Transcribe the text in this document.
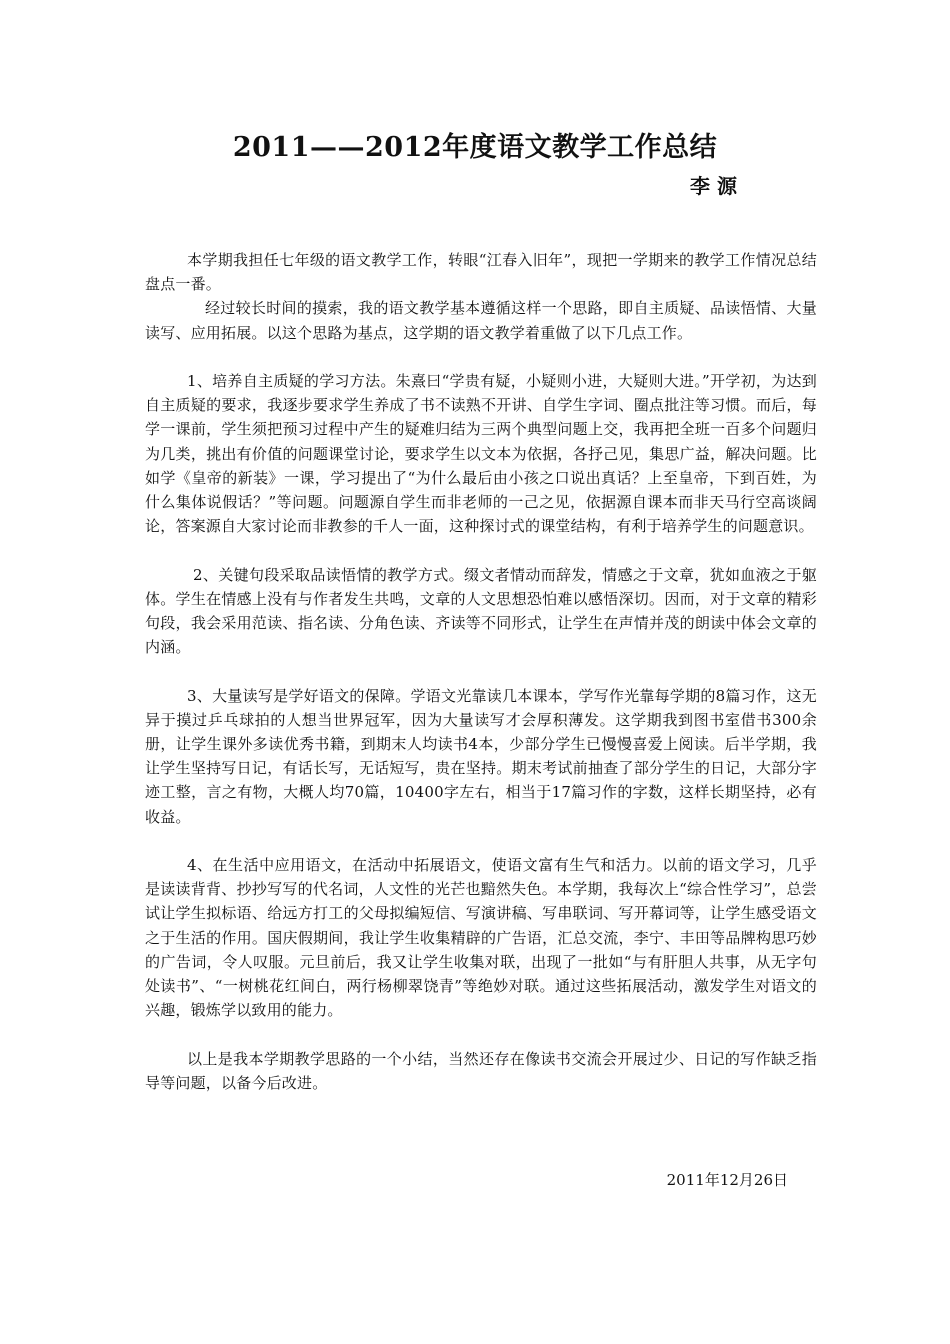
2011——2012年度语文教学工作总结
李 源

本学期我担任七年级的语文教学工作，转眼“江春入旧年”，现把一学期来的教学工作情况总结盘点一番。

经过较长时间的摸索，我的语文教学基本遵循这样一个思路，即自主质疑、品读悟情、大量读写、应用拓展。以这个思路为基点，这学期的语文教学着重做了以下几点工作。

1、培养自主质疑的学习方法。朱熹曰“学贵有疑，小疑则小进，大疑则大进。”开学初，为达到自主质疑的要求，我逐步要求学生养成了书不读熟不开讲、自学生字词、圈点批注等习惯。而后，每学一课前，学生须把预习过程中产生的疑难归结为三两个典型问题上交，我再把全班一百多个问题归为几类，挑出有价值的问题课堂讨论，要求学生以文本为依据，各抒己见，集思广益，解决问题。比如学《皇帝的新装》一课，学习提出了“为什么最后由小孩之口说出真话？上至皇帝，下到百姓，为什么集体说假话？”等问题。问题源自学生而非老师的一己之见，依据源自课本而非天马行空高谈阔论，答案源自大家讨论而非教参的千人一面，这种探讨式的课堂结构，有利于培养学生的问题意识。

2、关键句段采取品读悟情的教学方式。缀文者情动而辞发，情感之于文章，犹如血液之于躯体。学生在情感上没有与作者发生共鸣，文章的人文思想恐怕难以感悟深切。因而，对于文章的精彩句段，我会采用范读、指名读、分角色读、齐读等不同形式，让学生在声情并茂的朗读中体会文章的内涵。

3、大量读写是学好语文的保障。学语文光靠读几本课本，学写作光靠每学期的8篇习作，这无异于摸过乒乓球拍的人想当世界冠军，因为大量读写才会厚积薄发。这学期我到图书室借书300余册，让学生课外多读优秀书籍，到期末人均读书4本，少部分学生已慢慢喜爱上阅读。后半学期，我让学生坚持写日记，有话长写，无话短写，贵在坚持。期末考试前抽查了部分学生的日记，大部分字迹工整，言之有物，大概人均70篇，10400字左右，相当于17篇习作的字数，这样长期坚持，必有收益。

4、在生活中应用语文，在活动中拓展语文，使语文富有生气和活力。以前的语文学习，几乎是读读背背、抄抄写写的代名词，人文性的光芒也黯然失色。本学期，我每次上“综合性学习”，总尝试让学生拟标语、给远方打工的父母拟编短信、写演讲稿、写串联词、写开幕词等，让学生感受语文之于生活的作用。国庆假期间，我让学生收集精辟的广告语，汇总交流，李宁、丰田等品牌构思巧妙的广告词，令人叹服。元旦前后，我又让学生收集对联，出现了一批如“与有肝胆人共事，从无字句处读书”、“一树桃花红间白，两行杨柳翠饶青”等绝妙对联。通过这些拓展活动，激发学生对语文的兴趣，锻炼学以致用的能力。

以上是我本学期教学思路的一个小结，当然还存在像读书交流会开展过少、日记的写作缺乏指导等问题，以备今后改进。

2011年12月26日
